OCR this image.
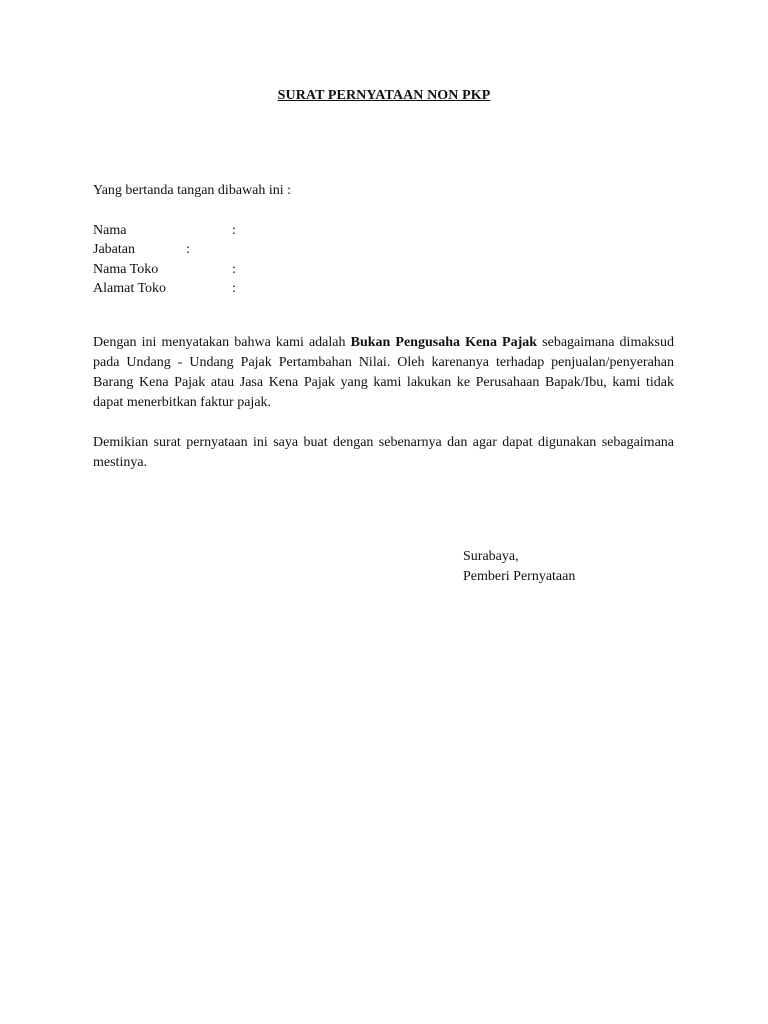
SURAT PERNYATAAN NON PKP
Yang bertanda tangan dibawah ini :
Nama	:
Jabatan	:
Nama Toko	:
Alamat Toko	:
Dengan ini menyatakan bahwa kami adalah Bukan Pengusaha Kena Pajak sebagaimana dimaksud pada Undang - Undang Pajak Pertambahan Nilai. Oleh karenanya terhadap penjualan/penyerahan Barang Kena Pajak atau Jasa Kena Pajak yang kami lakukan ke Perusahaan Bapak/Ibu, kami tidak dapat menerbitkan faktur pajak.
Demikian surat pernyataan ini saya buat dengan sebenarnya dan agar dapat digunakan sebagaimana mestinya.
Surabaya,
Pemberi Pernyataan
